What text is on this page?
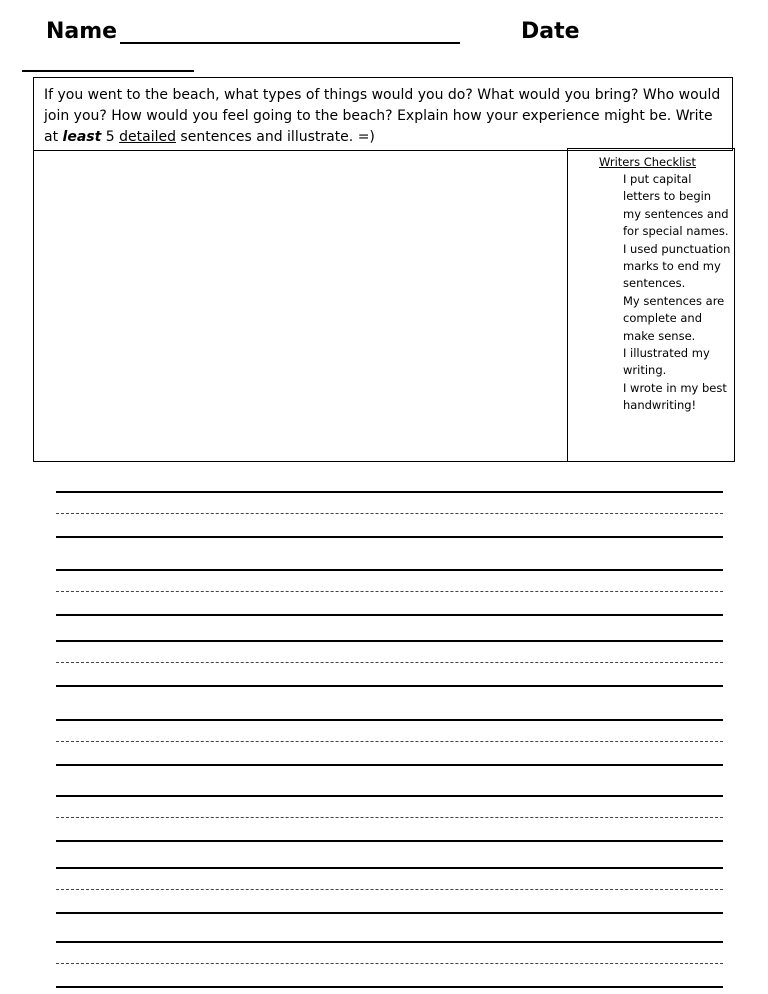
Name	Date
If you went to the beach, what types of things would you do? What would you bring? Who would join you? How would you feel going to the beach? Explain how your experience might be. Write at least 5 detailed sentences and illustrate. =)
Writers Checklist
I put capital letters to begin my sentences and for special names.
I used punctuation marks to end my sentences.
My sentences are complete and make sense.
I illustrated my writing.
I wrote in my best handwriting!
